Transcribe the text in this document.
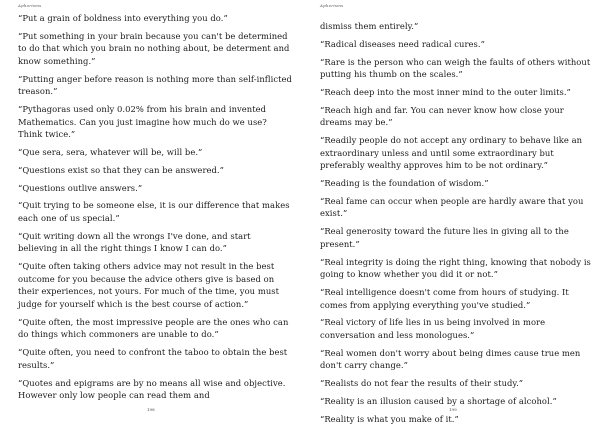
Aphorisms
“Put a grain of boldness into everything you do.”
“Put something in your brain because you can't be determined to do that which you brain no nothing about, be determent and know something.”
“Putting anger before reason is nothing more than self-inflicted treason.”
“Pythagoras used only 0.02% from his brain and invented Mathematics. Can you just imagine how much do we use? Think twice.”
“Que sera, sera, whatever will be, will be.”
“Questions exist so that they can be answered.”
“Questions outlive answers.”
“Quit trying to be someone else, it is our difference that makes each one of us special.”
“Quit writing down all the wrongs I've done, and start believing in all the right things I know I can do.”
“Quite often taking others advice may not result in the best outcome for you because the advice others give is based on their experiences, not yours. For much of the time, you must judge for yourself which is the best course of action.”
“Quite often, the most impressive people are the ones who can do things which commoners are unable to do.”
“Quite often, you need to confront the taboo to obtain the best results.”
“Quotes and epigrams are by no means all wise and objective. However only low people can read them and
198
Aphorisms
dismiss them entirely.”
“Radical diseases need radical cures.”
“Rare is the person who can weigh the faults of others without putting his thumb on the scales.”
“Reach deep into the most inner mind to the outer limits.”
“Reach high and far. You can never know how close your dreams may be.”
“Readily people do not accept any ordinary to behave like an extraordinary unless and until some extraordinary but preferably wealthy approves him to be not ordinary.”
“Reading is the foundation of wisdom.”
“Real fame can occur when people are hardly aware that you exist.”
“Real generosity toward the future lies in giving all to the present.”
“Real integrity is doing the right thing, knowing that nobody is going to know whether you did it or not.”
“Real intelligence doesn't come from hours of studying. It comes from applying everything you've studied.”
“Real victory of life lies in us being involved in more conversation and less monologues.”
“Real women don't worry about being dimes cause true men don't carry change.”
“Realists do not fear the results of their study.”
“Reality is an illusion caused by a shortage of alcohol.”
“Reality is what you make of it.”
199
